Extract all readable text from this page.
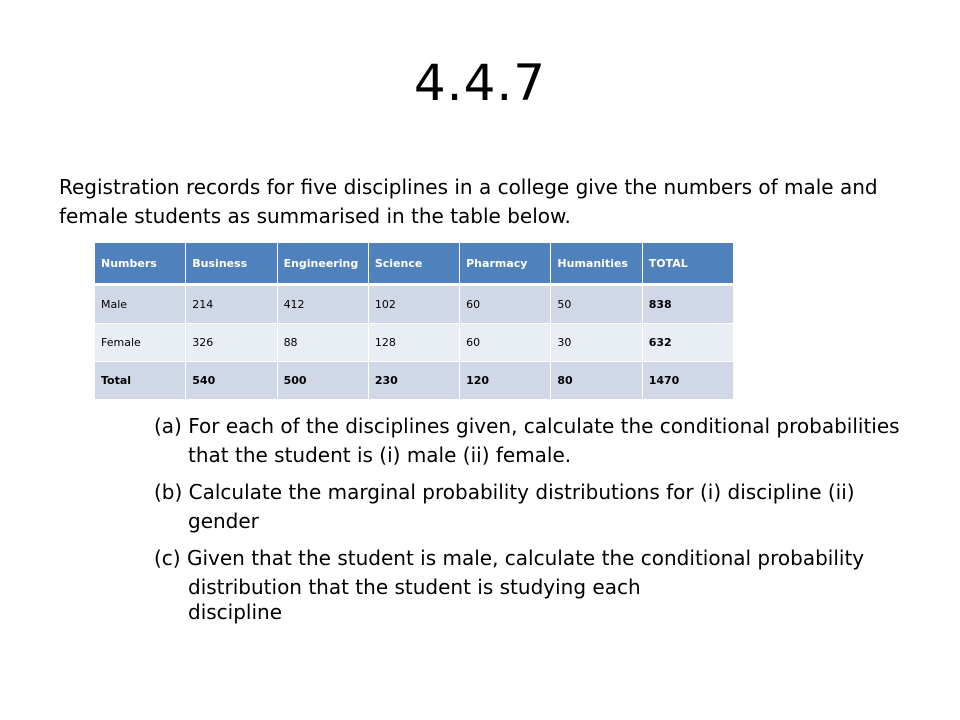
4.4.7

Registration records for five disciplines in a college give the numbers of male and female students as summarised in the table below.

Numbers	Business	Engineering	Science	Pharmacy	Humanities	TOTAL
Male	214	412	102	60	50	838
Female	326	88	128	60	30	632
Total	540	500	230	120	80	1470
(a) For each of the disciplines given, calculate the conditional probabilities that the student is (i) male (ii) female.
(b) Calculate the marginal probability distributions for (i) discipline (ii) gender
(c) Given that the student is male, calculate the conditional probability distribution that the student is studying each
discipline
